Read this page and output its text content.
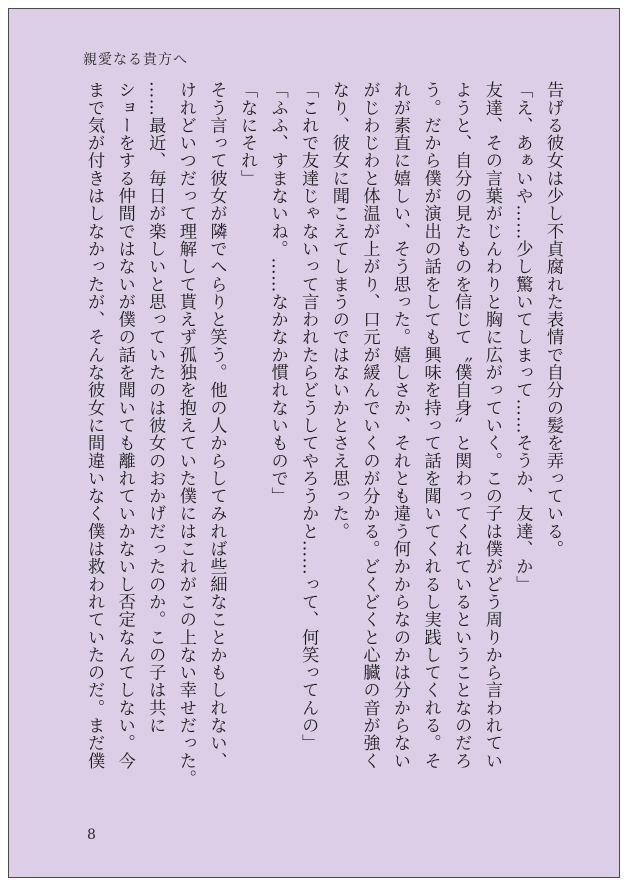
親愛なる貴方へ
告げる彼女は少し不貞腐れた表情で自分の髪を弄っている。
「え、あぁいや……少し驚いてしまって……そうか、友達、か」
友達、その言葉がじんわりと胸に広がっていく。この子は僕がどう周りから言われてい
ようと、自分の見たものを信じて〝僕自身〟と関わってくれているということなのだろ
う。だから僕が演出の話をしても興味を持って話を聞いてくれるし実践してくれる。そ
れが素直に嬉しい、そう思った。嬉しさか、それとも違う何かからなのかは分からない
がじわじわと体温が上がり、口元が緩んでいくのが分かる。どくどくと心臓の音が強く
なり、彼女に聞こえてしまうのではないかとさえ思った。
「これで友達じゃないって言われたらどうしてやろうかと……って、何笑ってんの」
「ふふ、すまないね。……なかなか慣れないもので」
「なにそれ」
そう言って彼女が隣でへらりと笑う。他の人からしてみれば些細なことかもしれない、
けれどいつだって理解して貰えず孤独を抱えていた僕にはこれがこの上ない幸せだった。
……最近、毎日が楽しいと思っていたのは彼女のおかげだったのか。この子は共に
ショーをする仲間ではないが僕の話を聞いても離れていかないし否定なんてしない。今
まで気が付きはしなかったが、そんな彼女に間違いなく僕は救われていたのだ。まだ僕
8
